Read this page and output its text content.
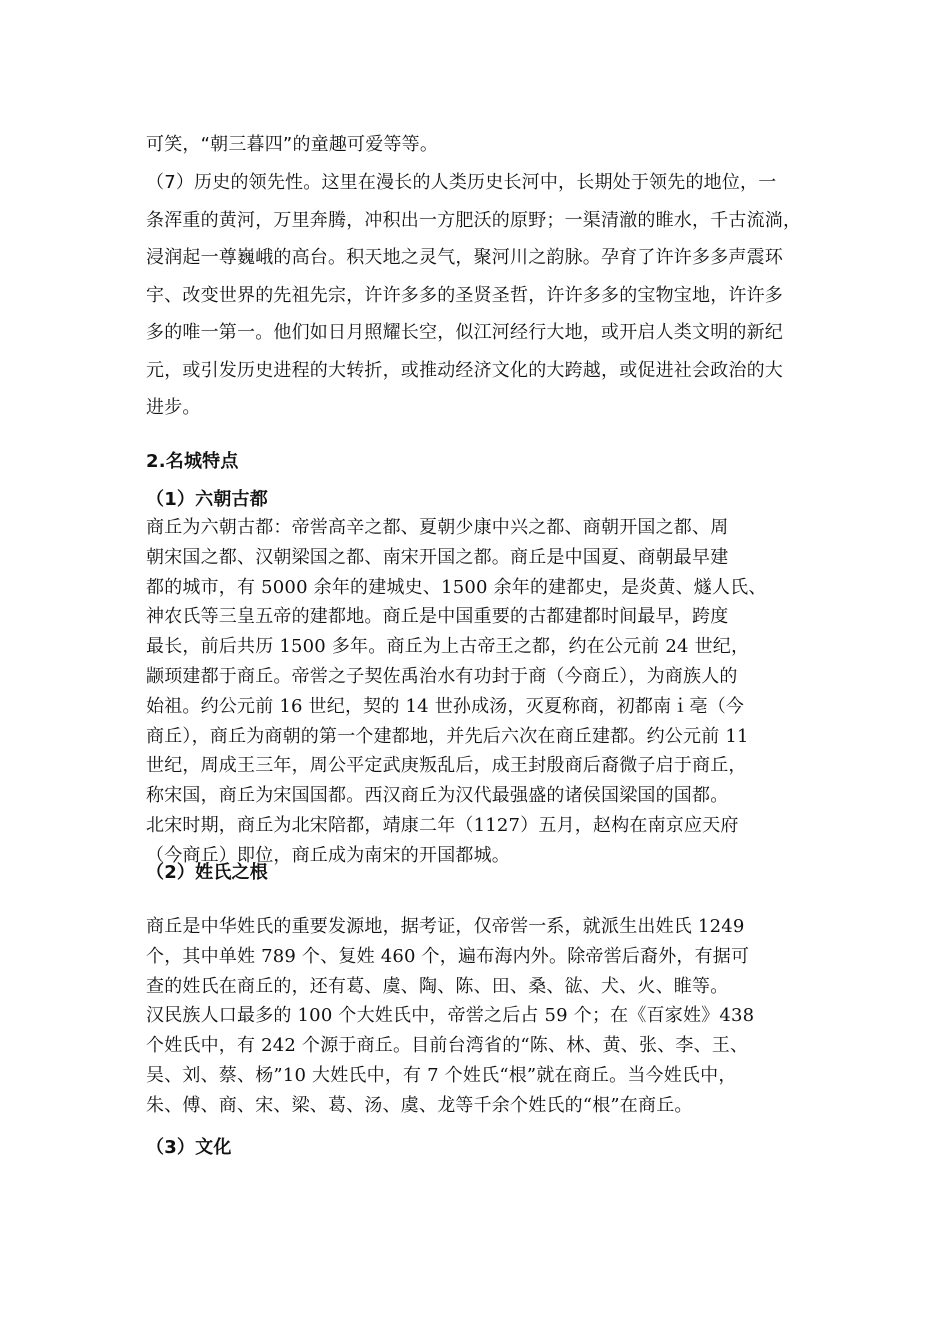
可笑，“朝三暮四”的童趣可爱等等。

（7）历史的领先性。这里在漫长的人类历史长河中，长期处于领先的地位，一
条浑重的黄河，万里奔腾，冲积出一方肥沃的原野；一渠清澈的睢水，千古流淌，
浸润起一尊巍峨的高台。积天地之灵气，聚河川之韵脉。孕育了许许多多声震环
宇、改变世界的先祖先宗，许许多多的圣贤圣哲，许许多多的宝物宝地，许许多
多的唯一第一。他们如日月照耀长空，似江河经行大地，或开启人类文明的新纪
元，或引发历史进程的大转折，或推动经济文化的大跨越，或促进社会政治的大
进步。

2.名城特点

（1）六朝古都

商丘为六朝古都：帝喾高辛之都、夏朝少康中兴之都、商朝开国之都、周
朝宋国之都、汉朝梁国之都、南宋开国之都。商丘是中国夏、商朝最早建
都的城市，有 5000 余年的建城史、1500 余年的建都史，是炎黄、燧人氏、
神农氏等三皇五帝的建都地。商丘是中国重要的古都建都时间最早，跨度
最长，前后共历 1500 多年。商丘为上古帝王之都，约在公元前 24 世纪，
颛顼建都于商丘。帝喾之子契佐禹治水有功封于商（今商丘），为商族人的
始祖。约公元前 16 世纪，契的 14 世孙成汤，灭夏称商，初都南ｉ亳（今
商丘），商丘为商朝的第一个建都地，并先后六次在商丘建都。约公元前 11
世纪，周成王三年，周公平定武庚叛乱后，成王封殷商后裔微子启于商丘，
称宋国，商丘为宋国国都。西汉商丘为汉代最强盛的诸侯国梁国的国都。
北宋时期，商丘为北宋陪都，靖康二年（1127）五月，赵构在南京应天府
（今商丘）即位，商丘成为南宋的开国都城。

（2）姓氏之根

商丘是中华姓氏的重要发源地，据考证，仅帝喾一系，就派生出姓氏 1249
个，其中单姓 789 个、复姓 460 个，遍布海内外。除帝喾后裔外，有据可
查的姓氏在商丘的，还有葛、虞、陶、陈、田、桑、谹、犬、火、睢等。
汉民族人口最多的 100 个大姓氏中，帝喾之后占 59 个；在《百家姓》438
个姓氏中，有 242 个源于商丘。目前台湾省的“陈、林、黄、张、李、王、
吴、刘、蔡、杨”10 大姓氏中，有 7 个姓氏“根”就在商丘。当今姓氏中，
朱、傅、商、宋、梁、葛、汤、虞、龙等千余个姓氏的“根”在商丘。

（3）文化
